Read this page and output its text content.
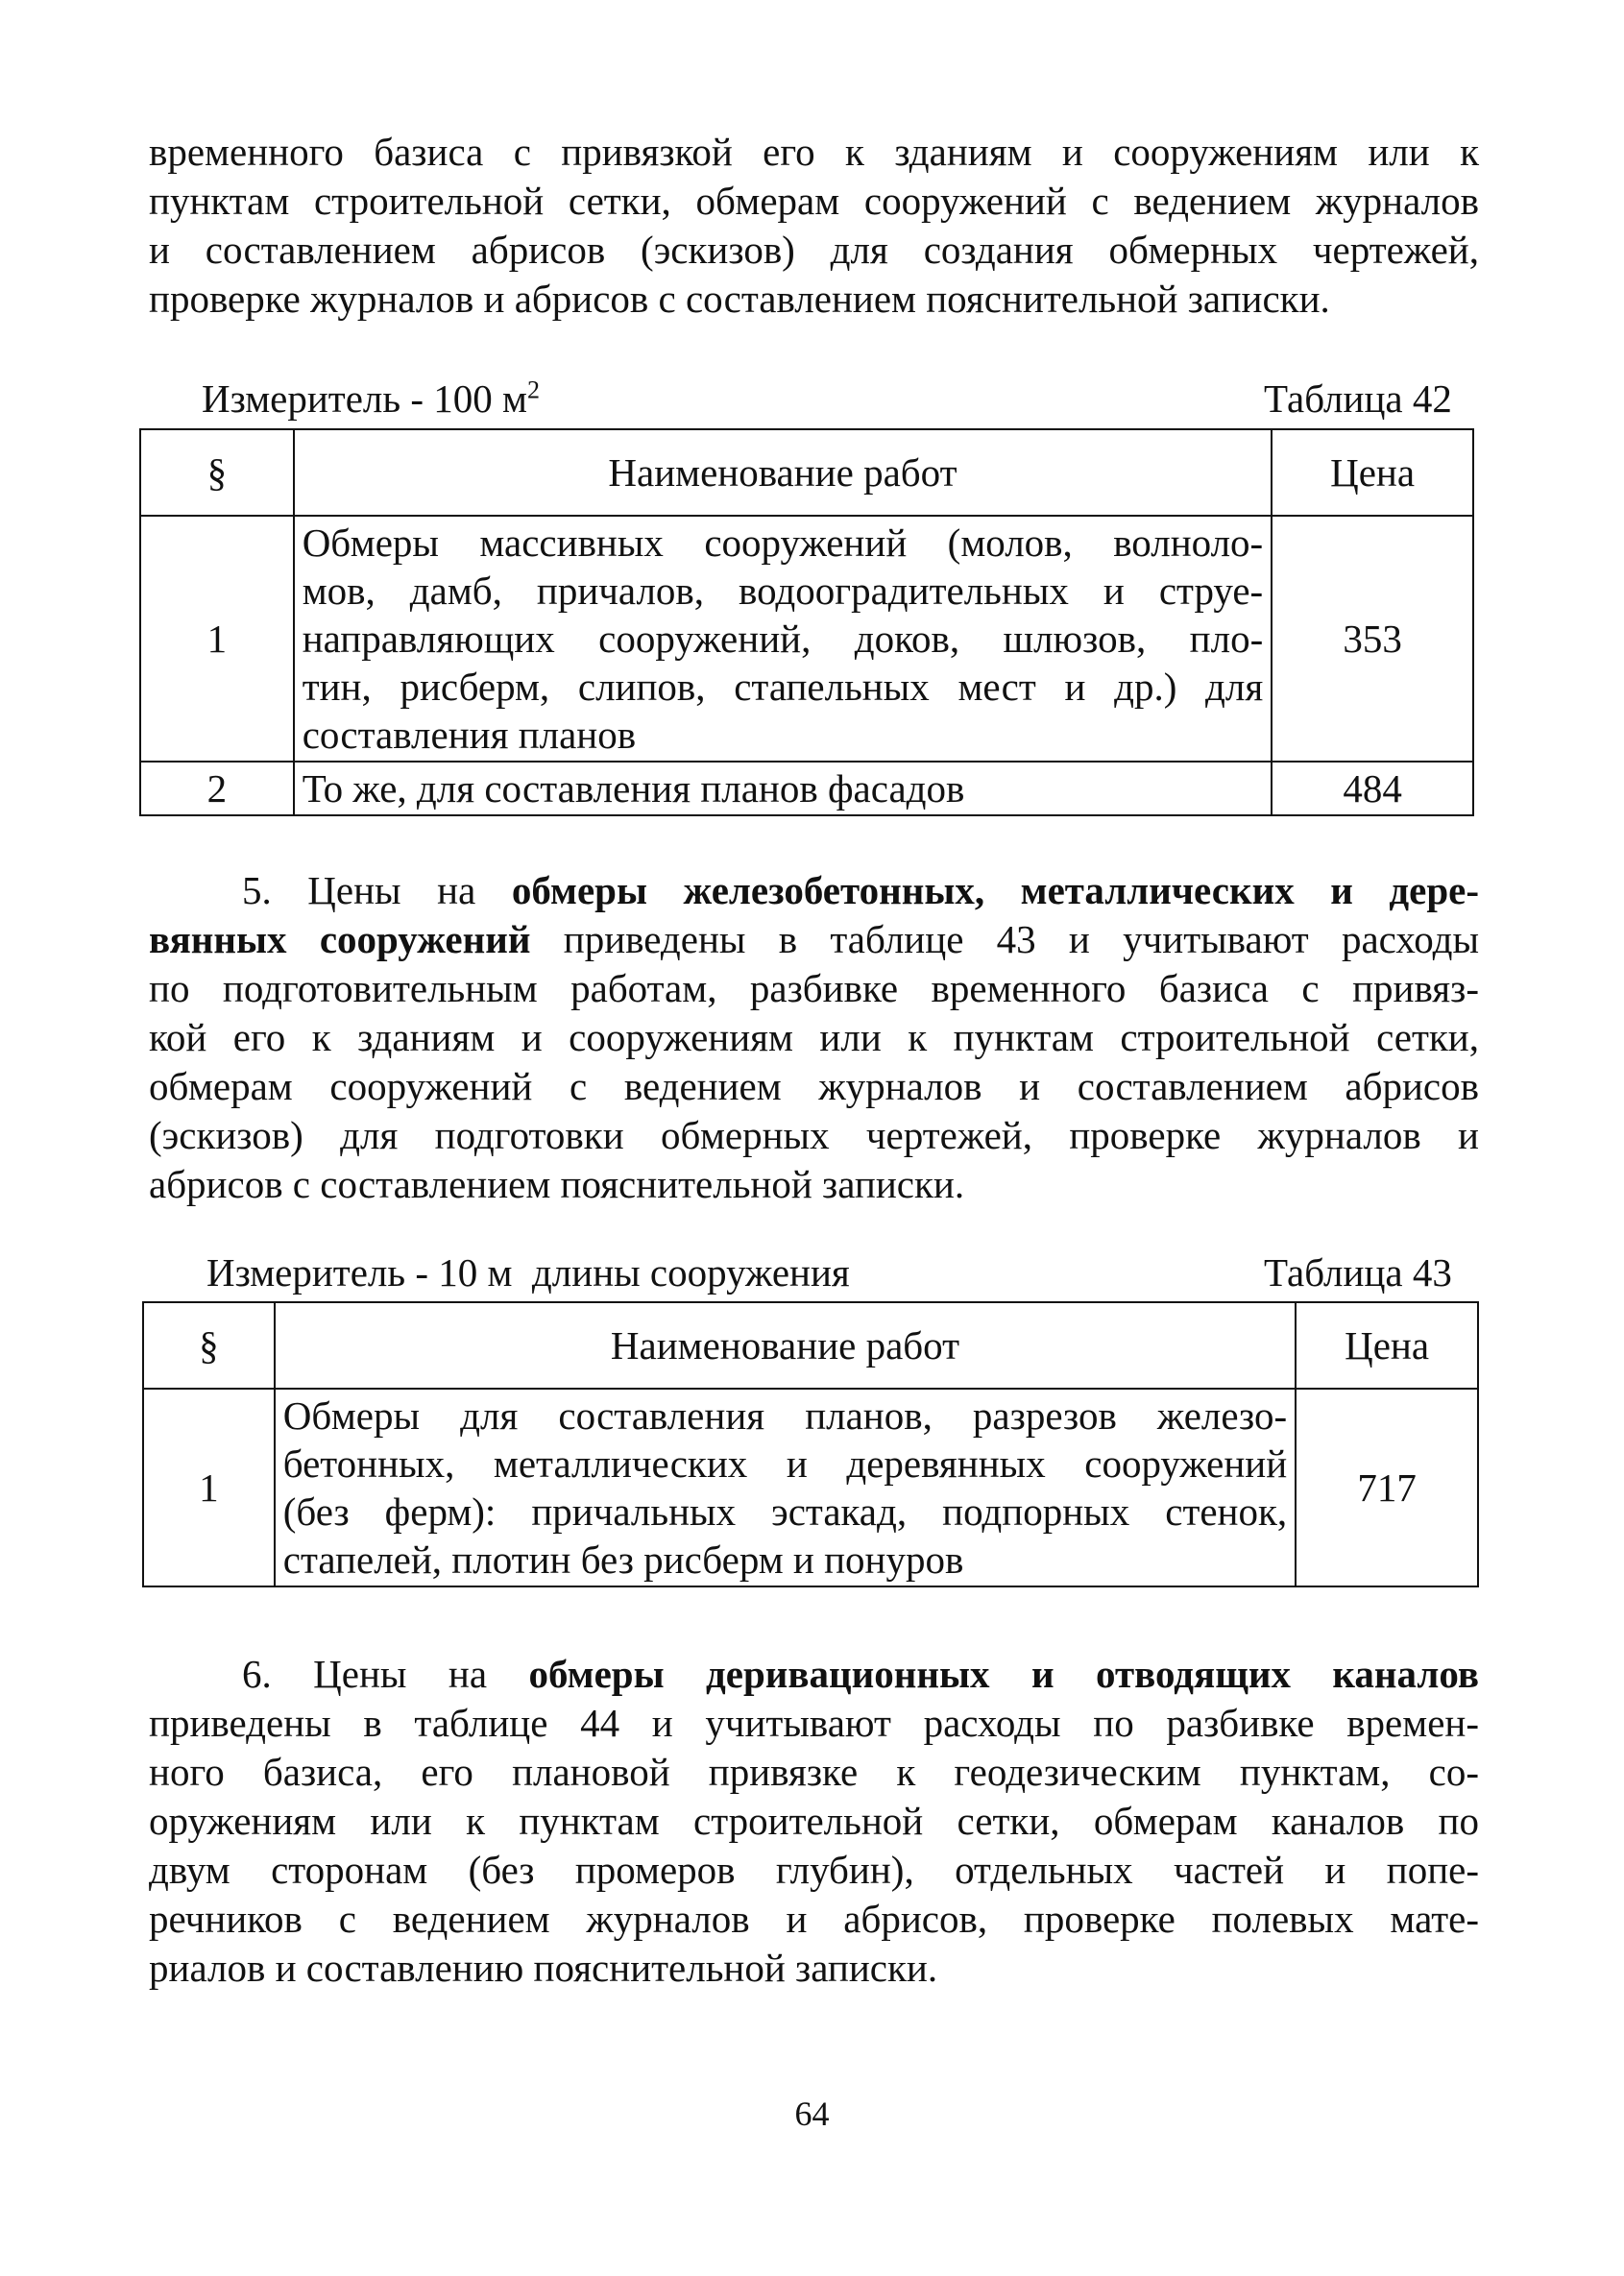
временного базиса с привязкой его к зданиям и сооружениям или к
пунктам строительной сетки, обмерам сооружений с ведением журналов
и составлением абрисов (эскизов) для создания обмерных чертежей,
проверке журналов и абрисов с составлением пояснительной записки.
Измеритель - 100 $м^2$	Таблица 42
§	Наименование работ	Цена
1	Обмеры массивных сооружений (молов, волноло-
мов, дамб, причалов, водооградительных и струе-
направляющих сооружений, доков, шлюзов, пло-
тин, рисберм, слипов, стапельных мест и др.) для
составления планов	353
2	То же, для составления планов фасадов	484
5. Цены на обмеры железобетонных, металлических и дере-
вянных сооружений приведены в таблице 43 и учитывают расходы
по подготовительным работам, разбивке временного базиса с привяз-
кой его к зданиям и сооружениям или к пунктам строительной сетки,
обмерам сооружений с ведением журналов и составлением абрисов
(эскизов) для подготовки обмерных чертежей, проверке журналов и
абрисов с составлением пояснительной записки.
Измеритель - 10 м  длины сооружения	Таблица 43
§	Наименование работ	Цена
1	Обмеры для составления планов, разрезов железо-
бетонных, металлических и деревянных сооружений
(без ферм): причальных эстакад, подпорных стенок,
стапелей, плотин без рисберм и понуров	717
6. Цены на обмеры деривационных и отводящих каналов
приведены в таблице 44 и учитывают расходы по разбивке времен-
ного базиса, его плановой привязке к геодезическим пунктам, со-
оружениям или к пунктам строительной сетки, обмерам каналов по
двум сторонам (без промеров глубин), отдельных частей и попе-
речников с ведением журналов и абрисов, проверке полевых мате-
риалов и составлению пояснительной записки.
64
